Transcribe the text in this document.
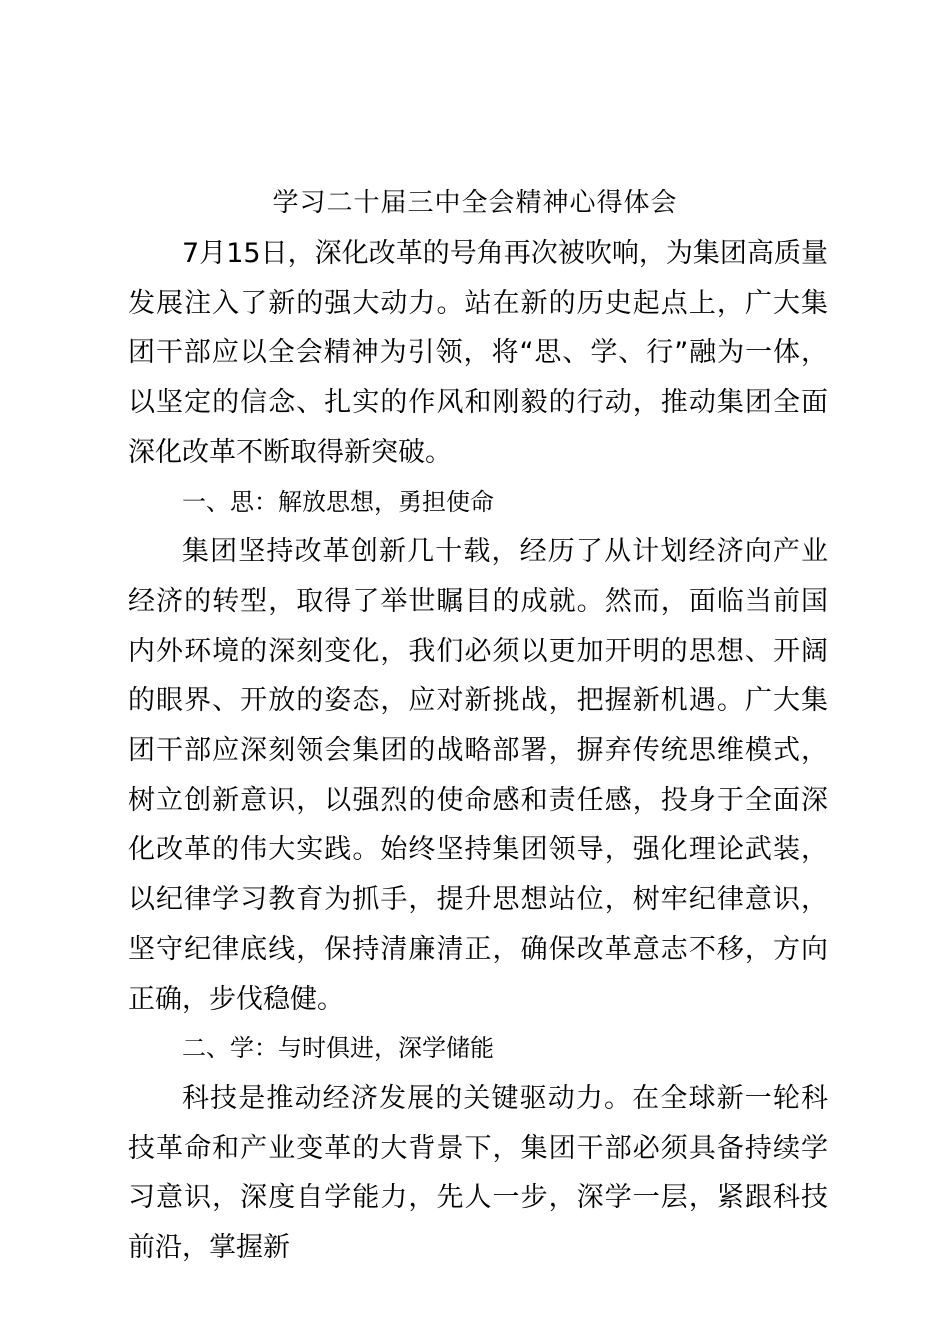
学习二十届三中全会精神心得体会

7月15日，深化改革的号角再次被吹响，为集团高质量发展注入了新的强大动力。站在新的历史起点上，广大集团干部应以全会精神为引领，将“思、学、行”融为一体，以坚定的信念、扎实的作风和刚毅的行动，推动集团全面深化改革不断取得新突破。

一、思：解放思想，勇担使命

集团坚持改革创新几十载，经历了从计划经济向产业经济的转型，取得了举世瞩目的成就。然而，面临当前国内外环境的深刻变化，我们必须以更加开明的思想、开阔的眼界、开放的姿态，应对新挑战，把握新机遇。广大集团干部应深刻领会集团的战略部署，摒弃传统思维模式，树立创新意识，以强烈的使命感和责任感，投身于全面深化改革的伟大实践。始终坚持集团领导，强化理论武装，以纪律学习教育为抓手，提升思想站位，树牢纪律意识，坚守纪律底线，保持清廉清正，确保改革意志不移，方向正确，步伐稳健。

二、学：与时俱进，深学储能

科技是推动经济发展的关键驱动力。在全球新一轮科技革命和产业变革的大背景下，集团干部必须具备持续学习意识，深度自学能力，先人一步，深学一层，紧跟科技前沿，掌握新
